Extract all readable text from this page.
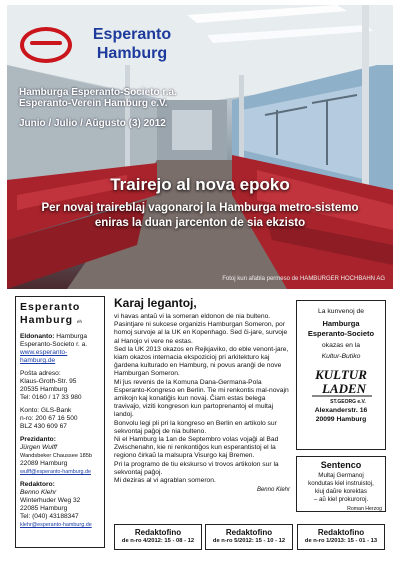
Esperanto
Hamburg
Hamburga Esperanto-Societo r.a.
Esperanto-Verein Hamburg e.V.
Junio / Julio / Aŭgusto (3) 2012
Trairejo al nova epoko
Per novaj traireblaj vagonaroj la Hamburga metro-sistemo
eniras la duan jarcenton de sia ekzisto
Fotoj kun afabla permeso de HAMBURGER HOCHBAHN AG
Esperanto
Hamburg eh
Eldonanto: Hamburga
Esperanto-Societo r. a.
www.esperanto-hamburg.de
Poŝta adreso:
Klaus-Groth-Str. 95
20535 Hamburg
Tel: 0160 / 17 33 980
Konto: GLS-Bank
n-ro: 200 67 16 500
BLZ 430 609 67
Prezidanto:
Jürgen Wulff
Wandsbeker Chaussee 185b
22089 Hamburg
wulff@esperanto-hamburg.de
Redaktoro:
Benno Klehr
Winterhuder Weg 32
22085 Hamburg
Tel: (040) 43188347
klehr@esperanto-hamburg.de
Karaj legantoj,

vi havas antaŭ vi la someran eldonon de nia bulteno. Pasintjare ni sukcese organizis Hamburgan Someron, por homoj survoje al la UK en Kopenhago. Sed ĉi-jare, survoje al Hanojo vi vere ne estas.

Sed la UK 2013 okazos en Rejkjaviko, do eble venont-jare, kiam okazos internacia ekspozicioj pri arkitekturo kaj ĝardena kulturado en Hamburg, ni povus aranĝi de nove Hamburgan Someron.

Mi ĵus revenis de la Komuna Dana-Germana-Pola Esperanto-Kongreso en Berlin. Tie mi renkontis mal-novajn amikojn kaj konatiĝis kun novaj. Ĉiam estas belega travivaĵo, viziti kongreson kun partoprenantoj el multaj landoj.

Bonvolu legi pli pri la kongreso en Berlin en artikolo sur sekvontaj paĝoj de nia bulteno.

Ni el Hamburg la 1an de Septembro volas vojaĝi al Bad Zwischenahn, kie ni renkontiĝos kun esperantistoj el la regiono ĉirkaŭ la malsupra Visurgo kaj Bremen.

Pri la programo de tiu ekskurso vi trovos artikolon sur la sekvontaj paĝoj.

Mi deziras al vi agrablan someron.

Benno Klehr
La kunvenoj de
Hamburga
Esperanto-Societo
okazas en la
Kultur-Butiko
KULTUR
LADEN
ST.GEORG e.V.
Alexanderstr. 16
20099 Hamburg
Sentenco
Multaj Germanoj
kondutas kiel instruistoj,
kiuj daŭre korektas
– aŭ kiel prokuroroj.
Roman Herzog
Redaktofino
de n-ro 4/2012: 15 - 08 - 12
Redaktofino
de n-ro 5/2012: 15 - 10 - 12
Redaktofino
de n-ro 1/2013: 15 - 01 - 13
